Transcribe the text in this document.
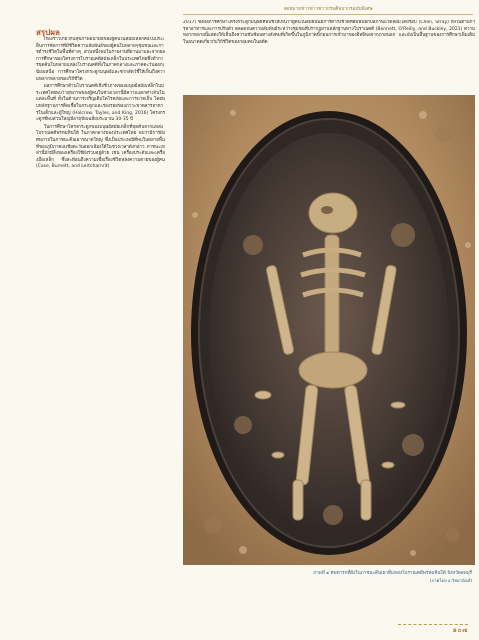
จดหมายข่าวข่าวข่าวกรมศิลปากรฉบับพิเศษ
สรุปผล

เรื่องราวเกี่ยวกับสุขภาพอนามัยของผู้คนในสมัยเหล็กคือในประเด็นการจัดการที่มีชีวิตความสัมพันธ์ของผู้คนในหลายๆชุมชนและการดำรงชีวิตในพื้นที่ต่างๆ ส่วนหนึ่งพบในรายงานที่ผ่านมาและจากผลการศึกษาของโครงการโบราณคดีสมัยเหล็กในประเทศไทยซึ่งทำการขุดค้นในหลายแหล่งโบราณคดีทั้งในภาคกลางและภาคตะวันออกเฉียงเหนือ การศึกษาโครงกระดูกมนุษย์และซากสัตว์ชี้ให้เห็นถึงความหลากหลายของวิถีชีวิต

ผลการศึกษาด้านโบราณคดีเชิงชีวภาพของมนุษย์สมัยเหล็กในประเทศไทยพบว่าสุขภาพของผู้คนในช่วงเวลานี้มีความแตกต่างกันในแต่ละพื้นที่ ทั้งในด้านการเจริญเติบโตโรคภัยและการบาดเจ็บ โดยพบหลักฐานการติดเชื้อในกระดูกและร่องรอยของภาวะขาดสารอาหารในเด็กและผู้ใหญ่ (Halcrow, Tayles, and King, 2016) โครงกระดูกที่พบส่วนใหญ่มีอายุขัยเฉลี่ยประมาณ 30-35 ปี

ในการศึกษาโครงกระดูกของมนุษย์สมัยเหล็กที่ขุดค้นจากแหล่งโบราณคดีพรหมทินใต้ ในภาคกลางของประเทศไทย พบว่ามีการฝังศพภายในภาชนะดินเผาขนาดใหญ่ ซึ่งเป็นประเพณีที่พบในหลายพื้นที่ของภูมิภาคเอเชียตะวันออกเฉียงใต้ในช่วงเวลาดังกล่าว ภาชนะเหล่านี้มักมีสิ่งของเครื่องใช้ฝังร่วมอยู่ด้วย เช่น เครื่องประดับและเครื่องมือเหล็ก ซึ่งสะท้อนถึงความเชื่อเรื่องชีวิตหลังความตายของผู้คน (Case, Burnett, and Lertcharnrit)

2017) ซึ่งผลการศึกษาโครงกระดูกมนุษย์ที่พบชี้ให้เห็นว่าผู้คนในสมัยนั้นมีการดำรงชีวิตที่สัมพันธ์กับสภาพแวดล้อมโดยรอบ (Chen, Stray) ทั้งในด้านการหาอาหารและการปรับตัว ตลอดจนความสัมพันธ์ระหว่างชุมชนที่ปรากฏผ่านหลักฐานทางโบราณคดี (Bennett, O'Reilly, and Buckley, 2021) ความหลากหลายนี้แสดงให้เห็นถึงความซับซ้อนทางสังคมที่เกิดขึ้นในภูมิภาคนี้ก่อนการเข้ามาของอิทธิพลจากภายนอก และยังเป็นพื้นฐานของการศึกษาเพิ่มเติมในอนาคตเกี่ยวกับวิถีชีวิตของกลุ่มคนในอดีต

ภาพที่ ๑ ศพทารกที่ฝังในภาชนะดินเผาที่แหล่งโบราณคดีพรหมทินใต้ จังหวัดลพบุรี
(ภาพโดย อ.วิชยานันท์)
๑๐๗
